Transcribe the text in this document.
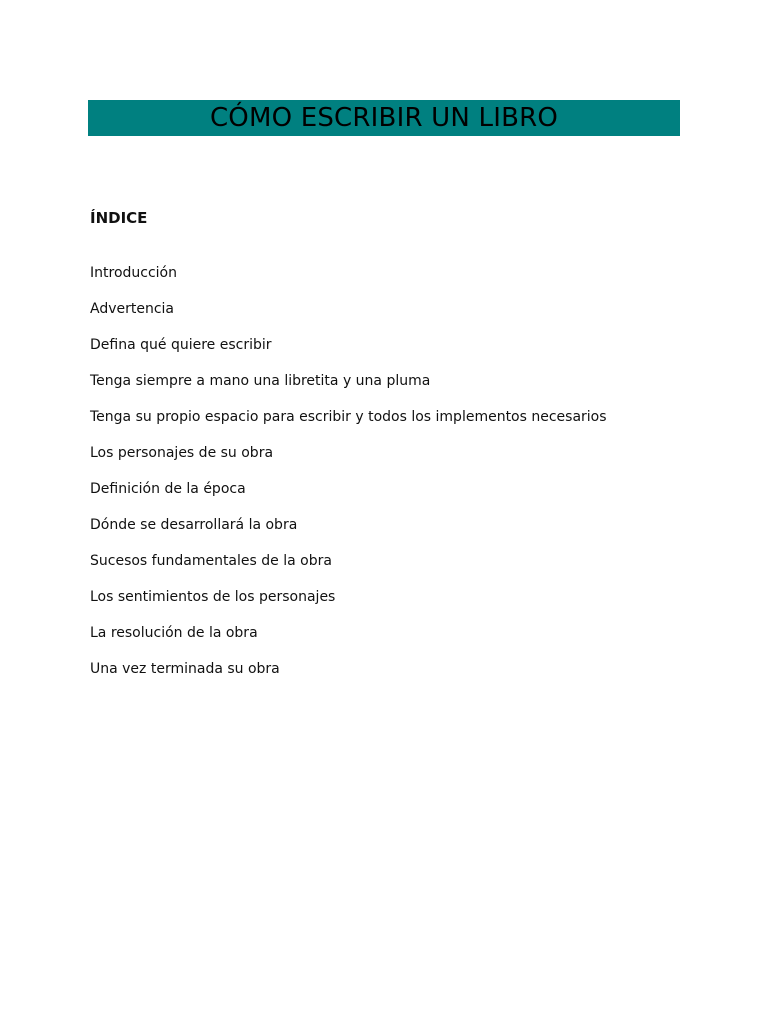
CÓMO ESCRIBIR UN LIBRO
ÍNDICE
Introducción
Advertencia
Defina qué quiere escribir
Tenga siempre a mano una libretita y una pluma
Tenga su propio espacio para escribir y todos los implementos necesarios
Los personajes de su obra
Definición de la época
Dónde se desarrollará la obra
Sucesos fundamentales de la obra
Los sentimientos de los personajes
La resolución de la obra
Una vez terminada su obra
